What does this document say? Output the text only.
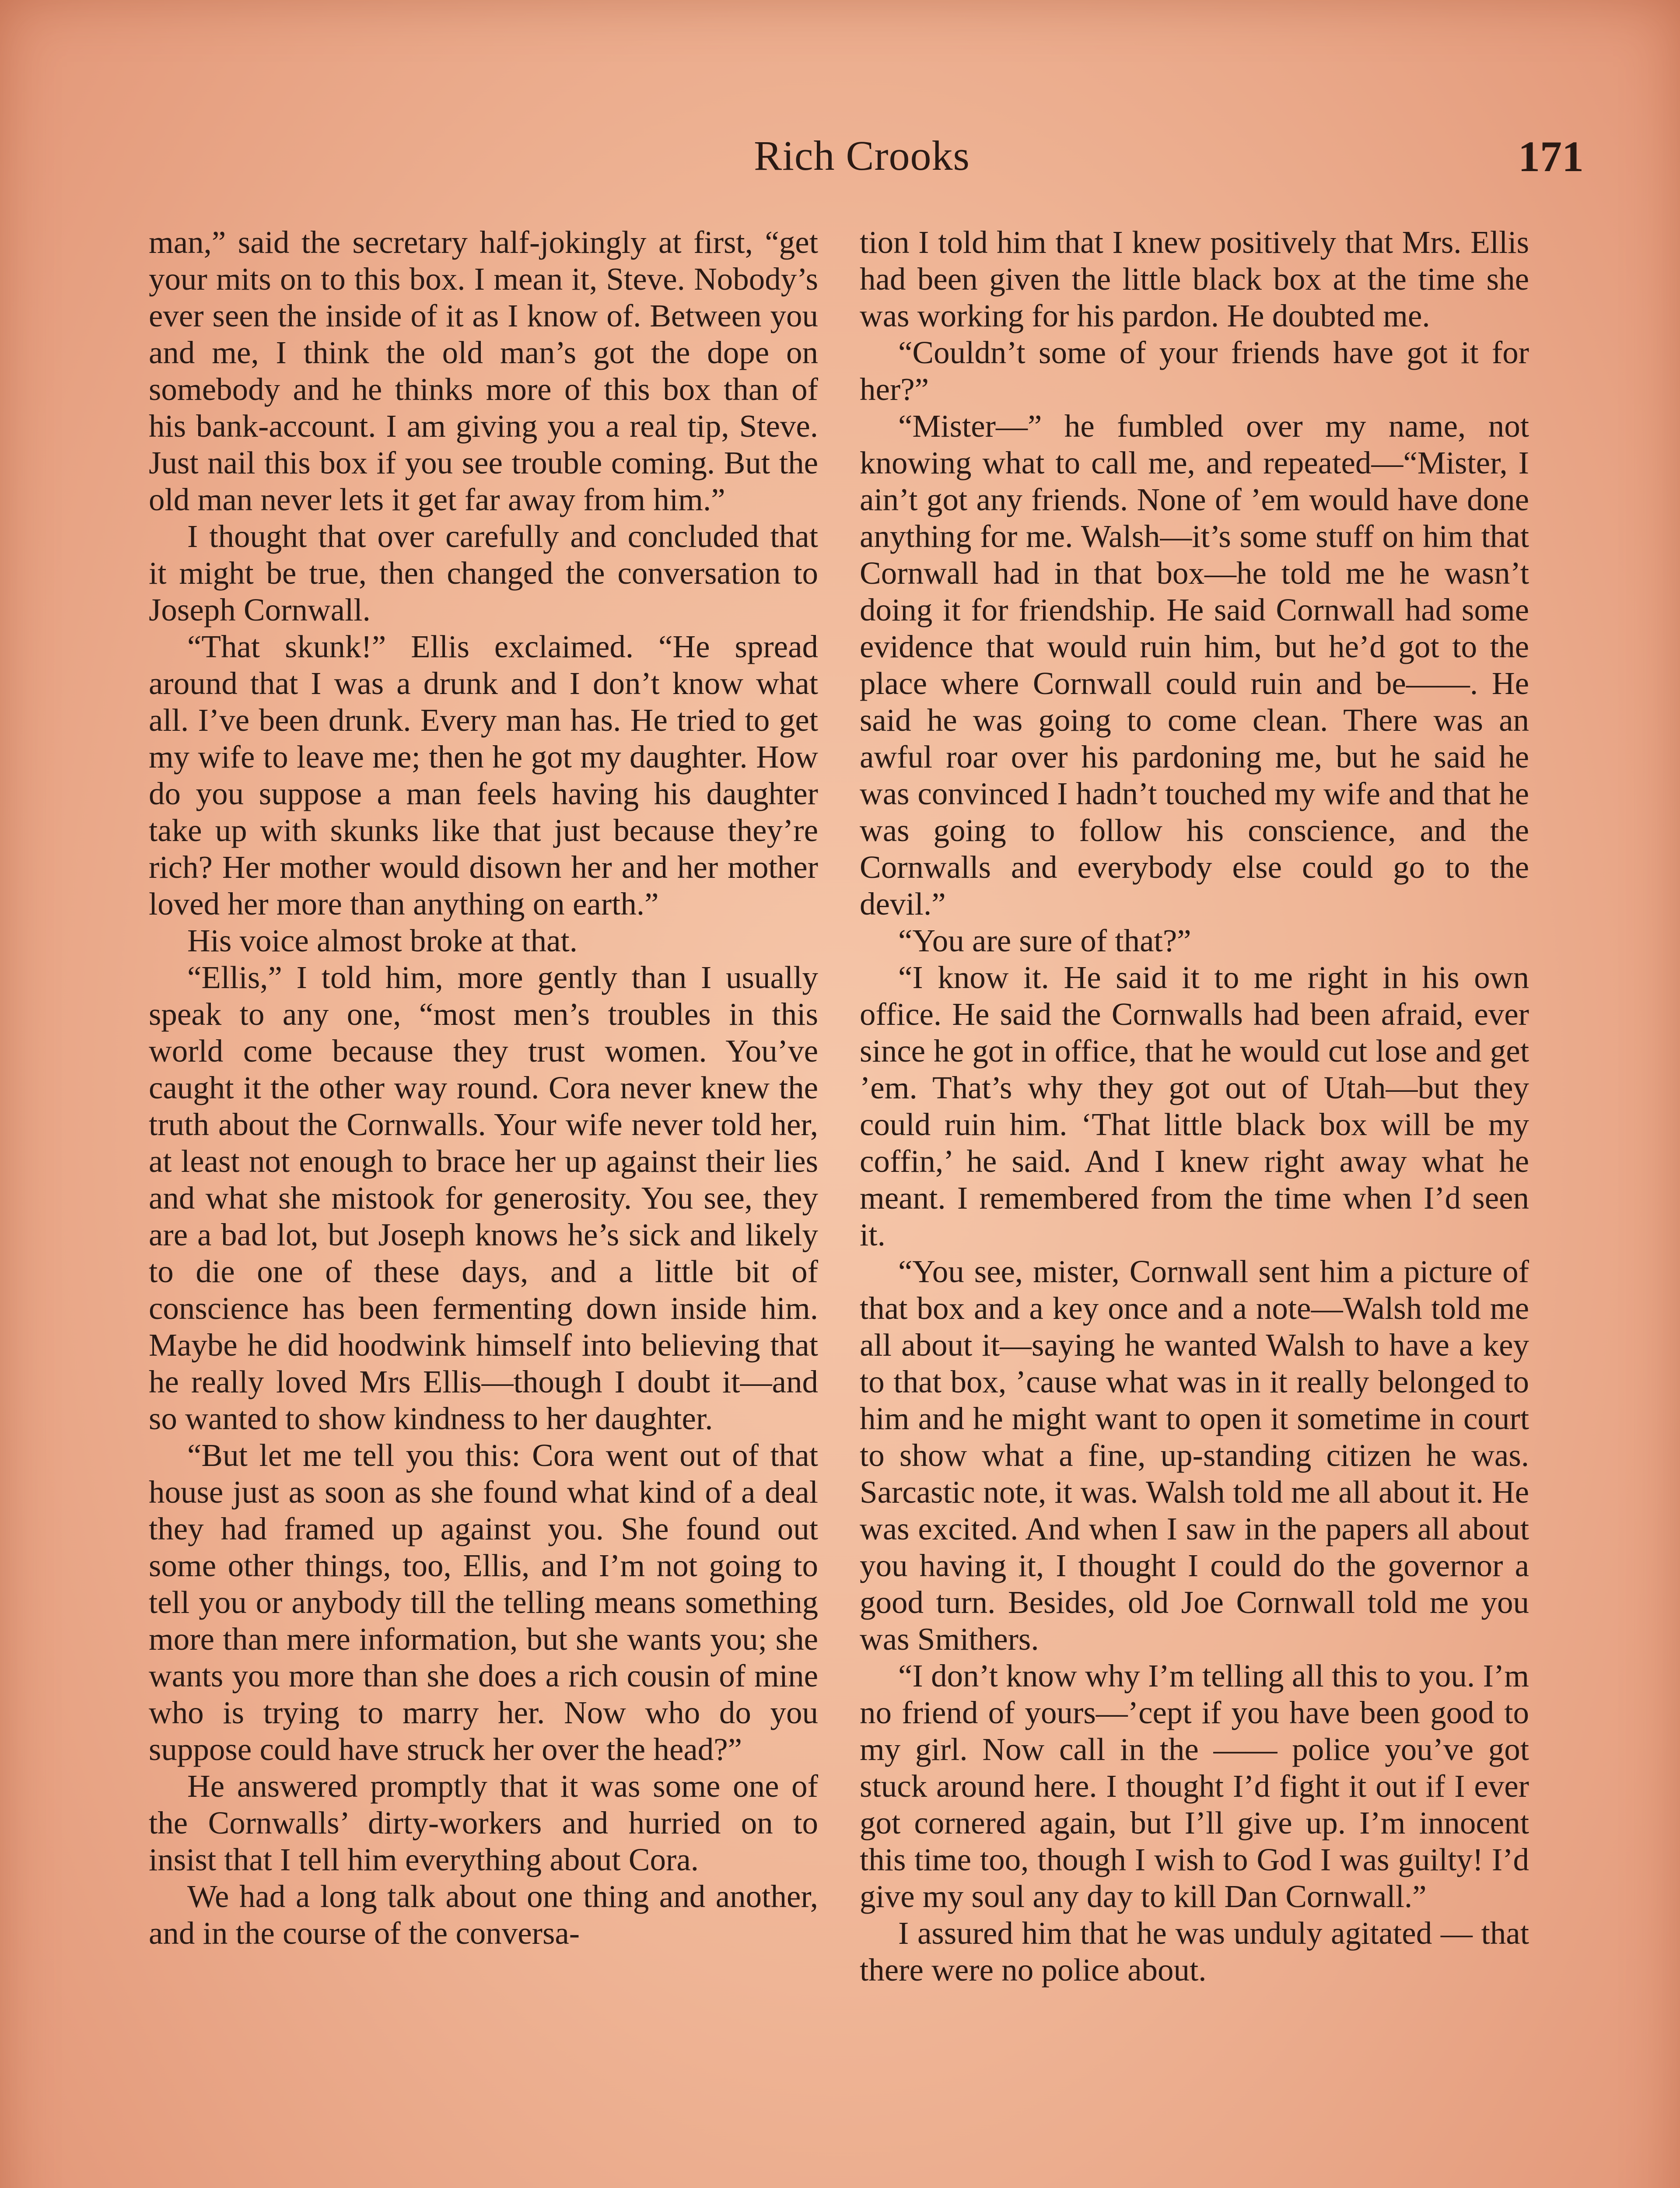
Rich Crooks	171

man,” said the secretary half-jokingly at first, “get your mits on to this box. I mean it, Steve. Nobody’s ever seen the inside of it as I know of. Between you and me, I think the old man’s got the dope on somebody and he thinks more of this box than of his bank-account. I am giving you a real tip, Steve. Just nail this box if you see trouble coming. But the old man never lets it get far away from him.”

I thought that over carefully and concluded that it might be true, then changed the conversation to Joseph Cornwall.

“That skunk!” Ellis exclaimed. “He spread around that I was a drunk and I don’t know what all. I’ve been drunk. Every man has. He tried to get my wife to leave me; then he got my daughter. How do you suppose a man feels having his daughter take up with skunks like that just because they’re rich? Her mother would disown her and her mother loved her more than anything on earth.”

His voice almost broke at that.

“Ellis,” I told him, more gently than I usually speak to any one, “most men’s troubles in this world come because they trust women. You’ve caught it the other way round. Cora never knew the truth about the Cornwalls. Your wife never told her, at least not enough to brace her up against their lies and what she mistook for generosity. You see, they are a bad lot, but Joseph knows he’s sick and likely to die one of these days, and a little bit of conscience has been fermenting down inside him. Maybe he did hoodwink himself into believing that he really loved Mrs Ellis—though I doubt it—and so wanted to show kindness to her daughter.

“But let me tell you this: Cora went out of that house just as soon as she found what kind of a deal they had framed up against you. She found out some other things, too, Ellis, and I’m not going to tell you or anybody till the telling means something more than mere information, but she wants you; she wants you more than she does a rich cousin of mine who is trying to marry her. Now who do you suppose could have struck her over the head?”

He answered promptly that it was some one of the Cornwalls’ dirty-workers and hurried on to insist that I tell him everything about Cora.

We had a long talk about one thing and another, and in the course of the conversa-

tion I told him that I knew positively that Mrs. Ellis had been given the little black box at the time she was working for his pardon. He doubted me.

“Couldn’t some of your friends have got it for her?”

“Mister—” he fumbled over my name, not knowing what to call me, and repeated—“Mister, I ain’t got any friends. None of ’em would have done anything for me. Walsh—it’s some stuff on him that Cornwall had in that box—he told me he wasn’t doing it for friendship. He said Cornwall had some evidence that would ruin him, but he’d got to the place where Cornwall could ruin and be——. He said he was going to come clean. There was an awful roar over his pardoning me, but he said he was convinced I hadn’t touched my wife and that he was going to follow his conscience, and the Cornwalls and everybody else could go to the devil.”

“You are sure of that?”

“I know it. He said it to me right in his own office. He said the Cornwalls had been afraid, ever since he got in office, that he would cut lose and get ’em. That’s why they got out of Utah—but they could ruin him. ‘That little black box will be my coffin,’ he said. And I knew right away what he meant. I remembered from the time when I’d seen it.

“You see, mister, Cornwall sent him a picture of that box and a key once and a note—Walsh told me all about it—saying he wanted Walsh to have a key to that box, ’cause what was in it really belonged to him and he might want to open it sometime in court to show what a fine, up-standing citizen he was. Sarcastic note, it was. Walsh told me all about it. He was excited. And when I saw in the papers all about you having it, I thought I could do the governor a good turn. Besides, old Joe Cornwall told me you was Smithers.

“I don’t know why I’m telling all this to you. I’m no friend of yours—’cept if you have been good to my girl. Now call in the —— police you’ve got stuck around here. I thought I’d fight it out if I ever got cornered again, but I’ll give up. I’m innocent this time too, though I wish to God I was guilty! I’d give my soul any day to kill Dan Cornwall.”

I assured him that he was unduly agitated — that there were no police about.
